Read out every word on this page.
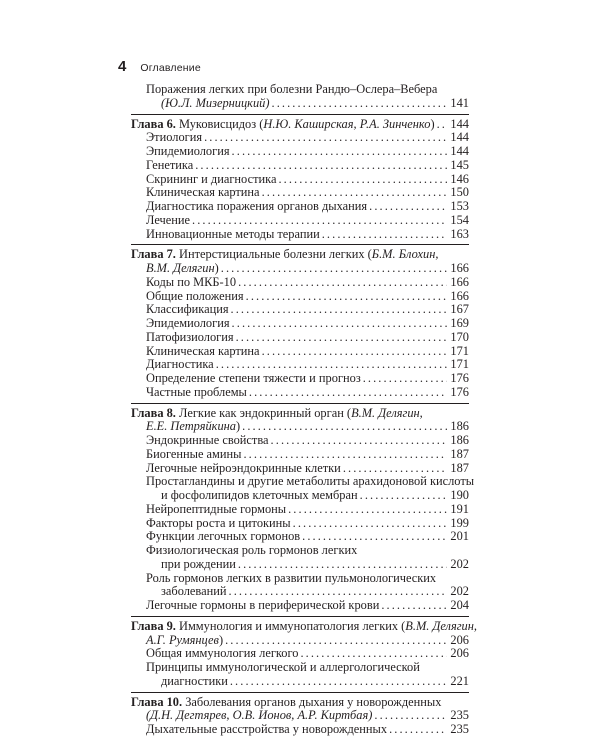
4 Оглавление
Поражения легких при болезни Рандю–Ослера–Вебера
(Ю.Л. Мизерницкий) . . .	141
Глава 6. Муковисцидоз ( Н.Ю. Каширская, Р.А. Зинченко ) . . . 144
Этиология . . .	144
Эпидемиология . . .	144
Генетика . . .	145
Скрининг и диагностика . . .	146
Клиническая картина . . .	150
Диагностика поражения органов дыхания . . .	153
Лечение . . .	154
Инновационные методы терапии . . .	163
Глава 7. Интерстициальные болезни легких ( Б.М. Блохин,
В.М. Делягин ) . . .	166
Коды по МКБ-10 . . .	166
Общие положения . . .	166
Классификация . . .	167
Эпидемиология . . .	169
Патофизиология . . .	170
Клиническая картина . . .	171
Диагностика . . .	171
Определение степени тяжести и прогноз . . .	176
Частные проблемы . . .	176
Глава 8. Легкие как эндокринный орган ( В.М. Делягин,
Е.Е. Петряйкина ) . . .	186
Эндокринные свойства . . .	186
Биогенные амины . . .	187
Легочные нейроэндокринные клетки . . .	187
Простагландины и другие метаболиты арахидоновой кислоты
и фосфолипидов клеточных мембран . . .	190
Нейропептидные гормоны . . .	191
Факторы роста и цитокины . . .	199
Функции легочных гормонов . . .	201
Физиологическая роль гормонов легких
при рождении . . .	202
Роль гормонов легких в развитии пульмонологических
заболеваний . . .	202
Легочные гормоны в периферической крови . . .	204
Глава 9. Иммунология и иммунопатология легких ( В.М. Делягин,
А.Г. Румянцев ) . . .	206
Общая иммунология легкого . . .	206
Принципы иммунологической и аллергологической
диагностики . . .	221
Глава 10. Заболевания органов дыхания у новорожденных
(Д.Н. Дегтярев, О.В. Ионов, А.Р. Киртбая) . . .	235
Дыхательные расстройства у новорожденных . . .	235
